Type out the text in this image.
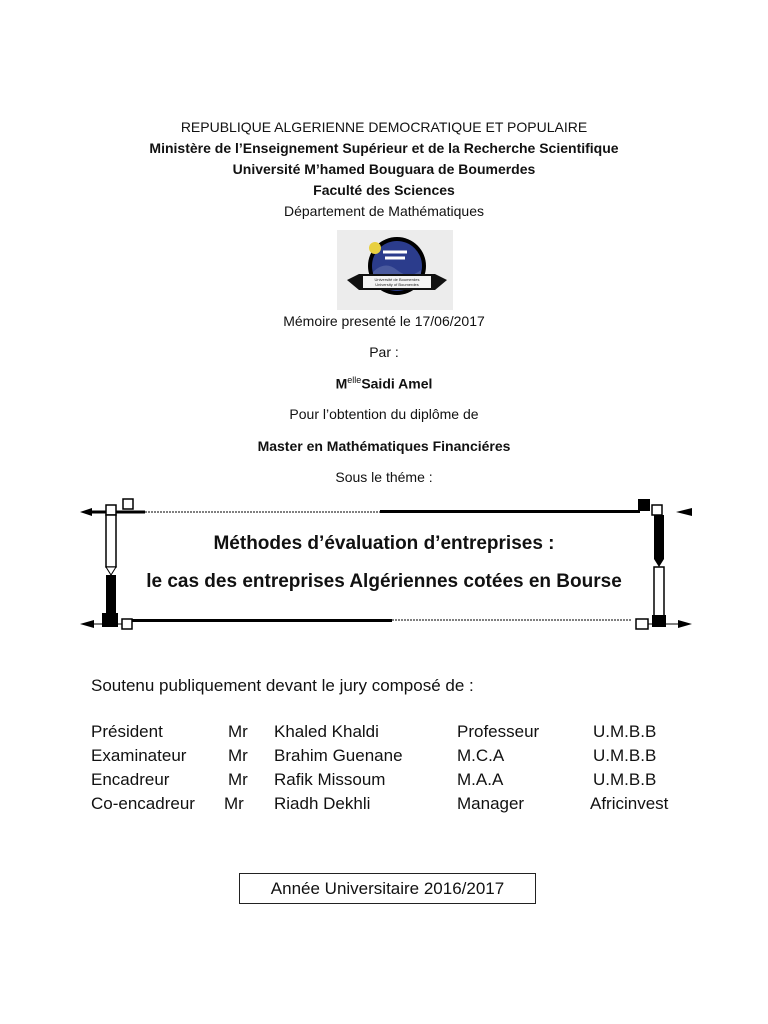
REPUBLIQUE ALGERIENNE DEMOCRATIQUE ET POPULAIRE
Ministère de l’Enseignement Supérieur et de la Recherche Scientifique
Université M’hamed Bouguara de Boumerdes
Faculté des Sciences
Département de Mathématiques
Université de Boumerdes
University of Boumerdes
Mémoire presenté le 17/06/2017
Par :
$M^{elle}Saidi$ Amel
Pour l’obtention du diplôme de
Master en Mathématiques Financiéres
Sous le théme :
Méthodes d’évaluation d’entreprises :
le cas des entreprises Algériennes cotées en Bourse
Soutenu publiquement devant le jury composé de :
Président	Mr Khaled Khaldi	Professeur	U.M.B.B
Examinateur Mr Brahim Guenane	M.C.A	U.M.B.B
Encadreur	Mr Rafik Missoum	M.A.A	U.M.B.B
Co-encadreur Mr Riadh Dekhli	Manager	Africinvest
Année Universitaire 2016/2017
